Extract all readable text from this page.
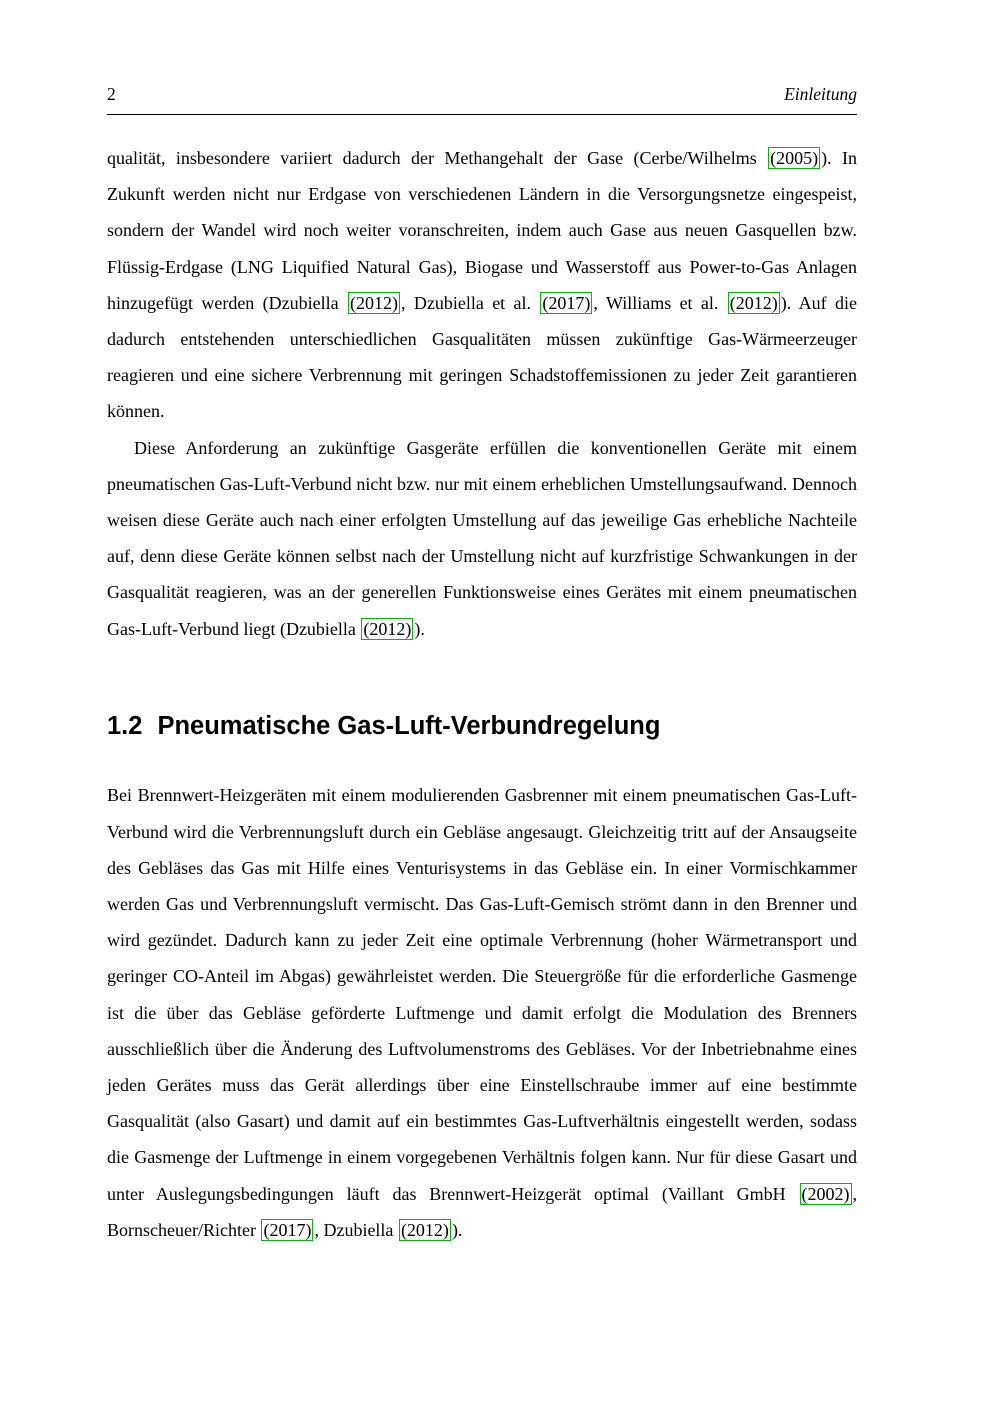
2	Einleitung

qualität, insbesondere variiert dadurch der Methangehalt der Gase (Cerbe/Wilhelms (2005) ). In Zukunft werden nicht nur Erdgase von verschiedenen Ländern in die Versorgungsnetze eingespeist, sondern der Wandel wird noch weiter voranschreiten, indem auch Gase aus neuen Gasquellen bzw. Flüssig-Erdgase (LNG Liquified Natural Gas), Biogase und Wasserstoff aus Power-to-Gas Anlagen hinzugefügt werden (Dzubiella (2012) , Dzubiella et al. (2017) , Williams et al. (2012) ). Auf die dadurch entstehenden unterschiedlichen Gasqualitäten müssen zukünftige Gas-Wärmeerzeuger reagieren und eine sichere Verbrennung mit geringen Schadstoffemissionen zu jeder Zeit garantieren können.

Diese Anforderung an zukünftige Gasgeräte erfüllen die konventionellen Geräte mit einem pneumatischen Gas-Luft-Verbund nicht bzw. nur mit einem erheblichen Umstellungsaufwand. Dennoch weisen diese Geräte auch nach einer erfolgten Umstellung auf das jeweilige Gas erhebliche Nachteile auf, denn diese Geräte können selbst nach der Umstellung nicht auf kurzfristige Schwankungen in der Gasqualität reagieren, was an der generellen Funktionsweise eines Gerätes mit einem pneumatischen Gas-Luft-Verbund liegt (Dzubiella (2012) ).

1.2 Pneumatische Gas-Luft-Verbundregelung

Bei Brennwert-Heizgeräten mit einem modulierenden Gasbrenner mit einem pneumatischen Gas-Luft-Verbund wird die Verbrennungsluft durch ein Gebläse angesaugt. Gleichzeitig tritt auf der Ansaugseite des Gebläses das Gas mit Hilfe eines Venturisystems in das Gebläse ein. In einer Vormischkammer werden Gas und Verbrennungsluft vermischt. Das Gas-Luft-Gemisch strömt dann in den Brenner und wird gezündet. Dadurch kann zu jeder Zeit eine optimale Verbrennung (hoher Wärmetransport und geringer CO-Anteil im Abgas) gewährleistet werden. Die Steuergröße für die erforderliche Gasmenge ist die über das Gebläse geförderte Luftmenge und damit erfolgt die Modulation des Brenners ausschließlich über die Änderung des Luftvolumenstroms des Gebläses. Vor der Inbetriebnahme eines jeden Gerätes muss das Gerät allerdings über eine Einstellschraube immer auf eine bestimmte Gasqualität (also Gasart) und damit auf ein bestimmtes Gas-Luftverhältnis eingestellt werden, sodass die Gasmenge der Luftmenge in einem vorgegebenen Verhältnis folgen kann. Nur für diese Gasart und unter Auslegungsbedingungen läuft das Brennwert-Heizgerät optimal (Vaillant GmbH (2002) , Bornscheuer/Richter (2017) , Dzubiella (2012) ).
